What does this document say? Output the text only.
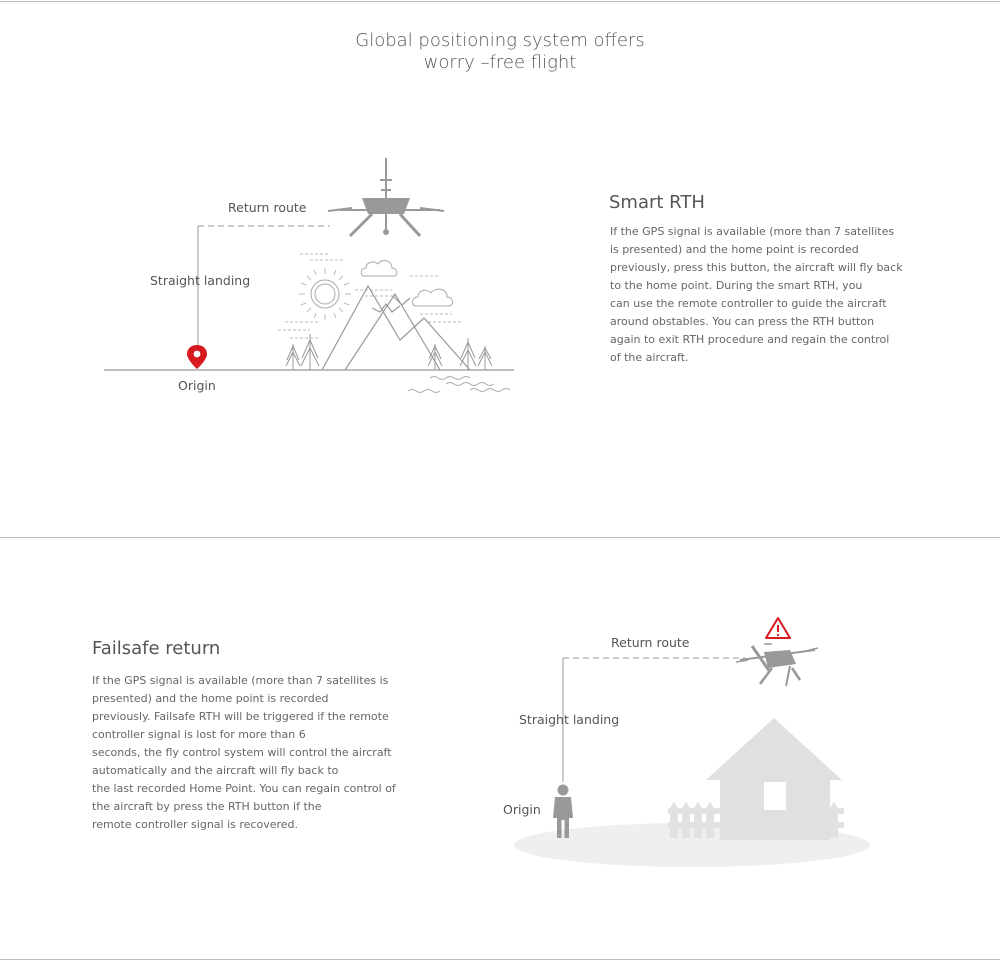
Global positioning system offers
worry –free flight
Return route
Straight landing
Origin
Smart RTH
If the GPS signal is available (more than 7 satellites
is presented) and the home point is recorded
previously, press this button, the aircraft will fly back
to the home point. During the smart RTH, you
can use the remote controller to guide the aircraft
around obstables. You can press the RTH button
again to exit RTH procedure and regain the control
of the aircraft.
Failsafe return
If the GPS signal is available (more than 7 satellites is
presented) and the home point is recorded
previously. Failsafe RTH will be triggered if the remote
controller signal is lost for more than 6
seconds, the fly control system will control the aircraft
automatically and the aircraft will fly back to
the last recorded Home Point. You can regain control of
the aircraft by press the RTH button if the
remote controller signal is recovered.
Return route
Straight landing
Origin
